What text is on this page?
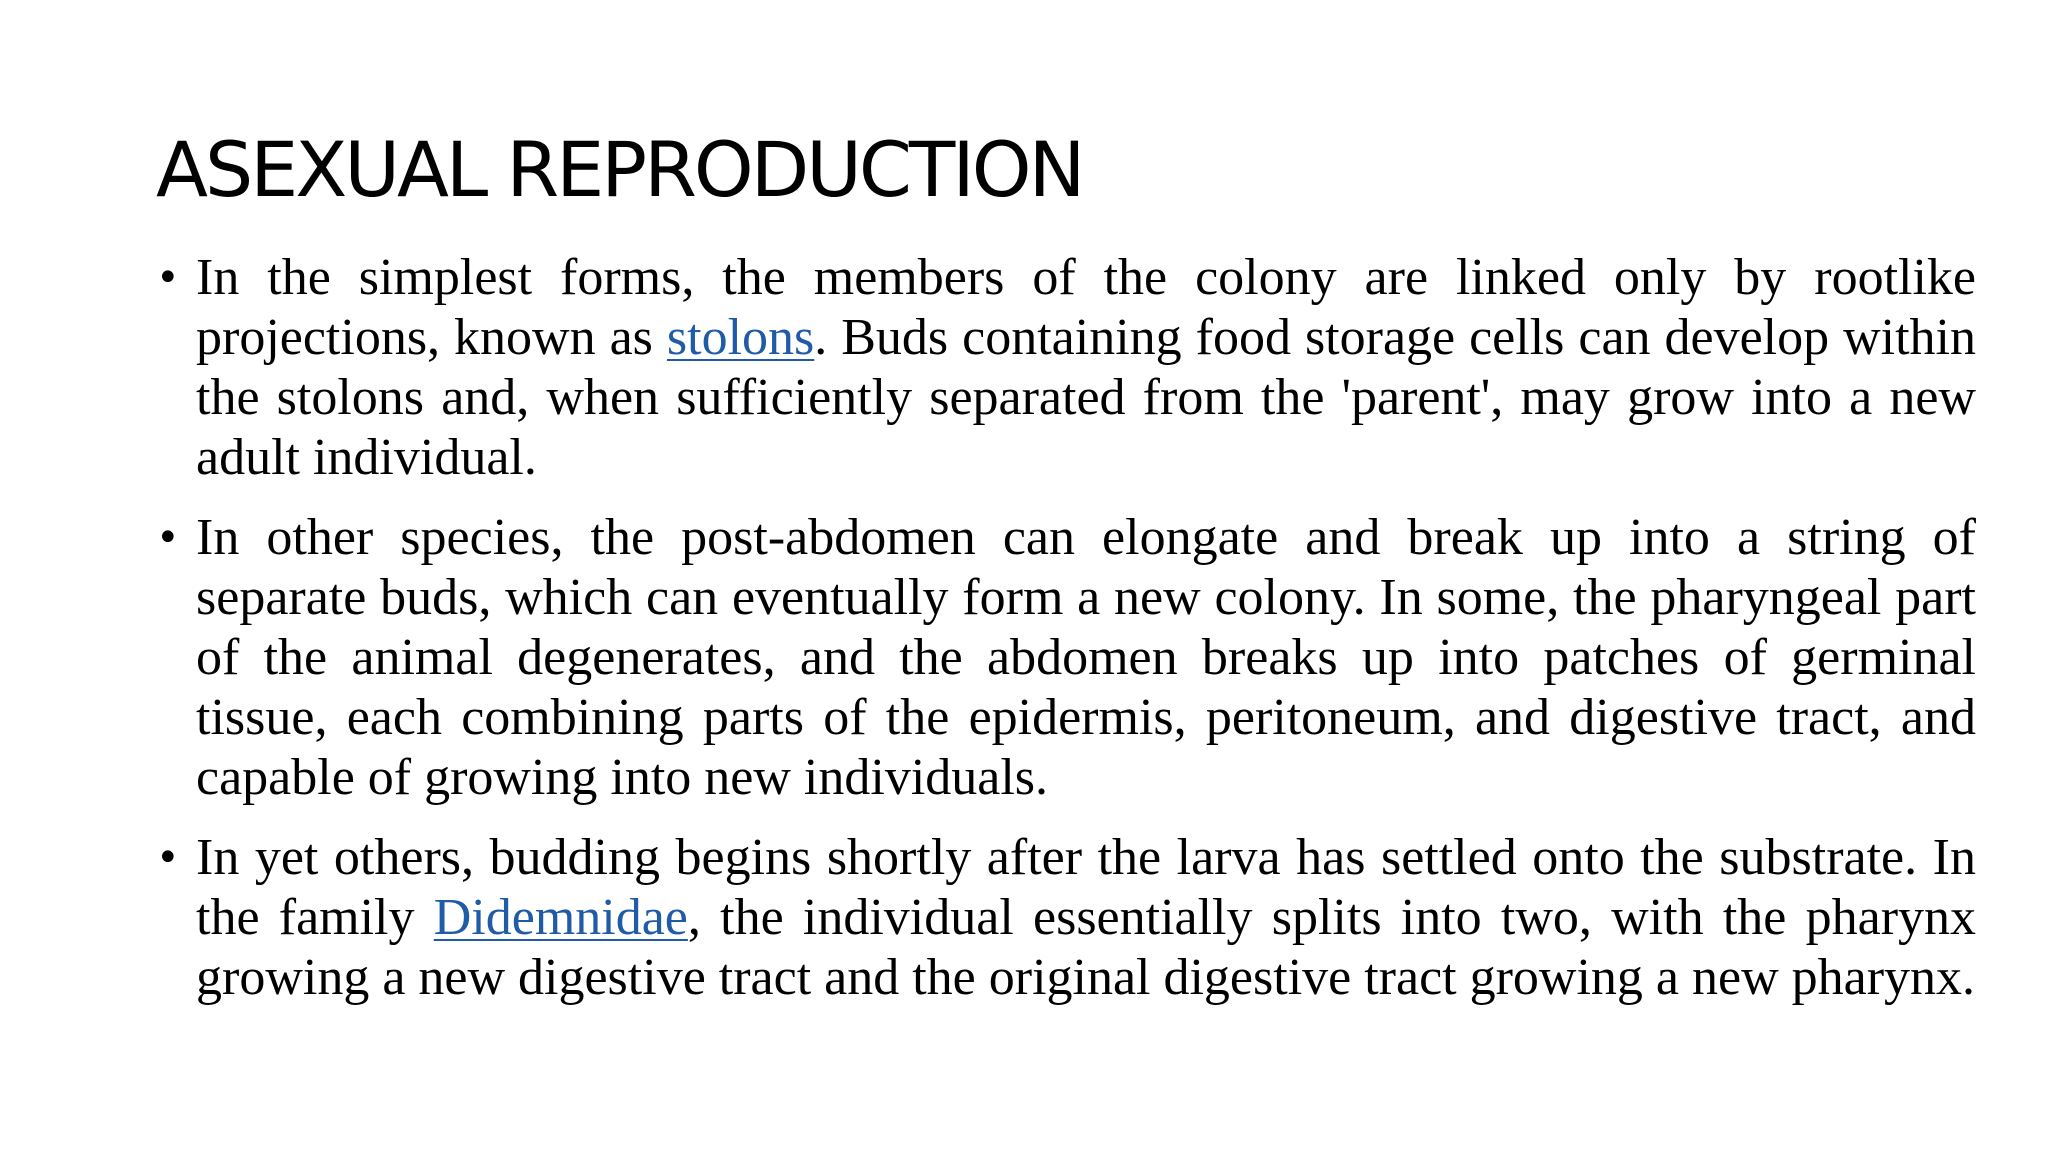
ASEXUAL REPRODUCTION
• In the simplest forms, the members of the colony are linked only by rootlike projections, known as stolons. Buds containing food storage cells can develop within the stolons and, when sufficiently separated from the 'parent', may grow into a new adult individual.
• In other species, the post-abdomen can elongate and break up into a string of separate buds, which can eventually form a new colony. In some, the pharyngeal part of the animal degenerates, and the abdomen breaks up into patches of germinal tissue, each combining parts of the epidermis, peritoneum, and digestive tract, and capable of growing into new individuals.
• In yet others, budding begins shortly after the larva has settled onto the substrate. In the family Didemnidae, the individual essentially splits into two, with the pharynx growing a new digestive tract and the original digestive tract growing a new pharynx.
